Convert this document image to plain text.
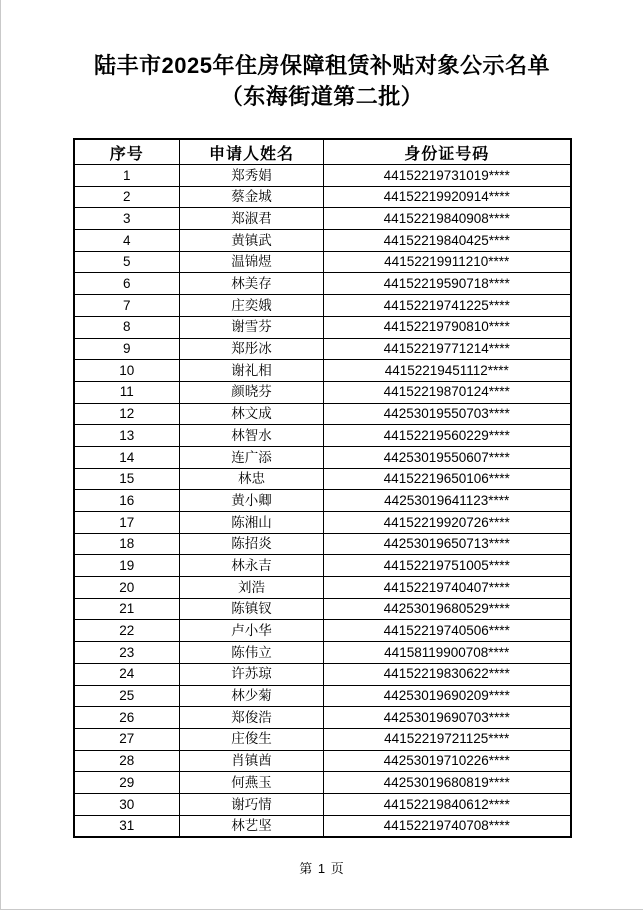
陆丰市2025年住房保障租赁补贴对象公示名单
（东海街道第二批）
序号	申请人姓名	身份证号码
1	郑秀娟	44152219731019****
2	蔡金城	44152219920914****
3	郑淑君	44152219840908****
4	黄镇武	44152219840425****
5	温锦煜	44152219911210****
6	林美存	44152219590718****
7	庄奕娥	44152219741225****
8	谢雪芬	44152219790810****
9	郑彤冰	44152219771214****
10	谢礼相	44152219451112****
11	颜晓芬	44152219870124****
12	林文成	44253019550703****
13	林智水	44152219560229****
14	连广添	44253019550607****
15	林忠	44152219650106****
16	黄小卿	44253019641123****
17	陈湘山	44152219920726****
18	陈招炎	44253019650713****
19	林永吉	44152219751005****
20	刘浩	44152219740407****
21	陈镇钗	44253019680529****
22	卢小华	44152219740506****
23	陈伟立	44158119900708****
24	许苏琼	44152219830622****
25	林少菊	44253019690209****
26	郑俊浩	44253019690703****
27	庄俊生	44152219721125****
28	肖镇酋	44253019710226****
29	何燕玉	44253019680819****
30	谢巧情	44152219840612****
31	林艺坚	44152219740708****
第 1 页
